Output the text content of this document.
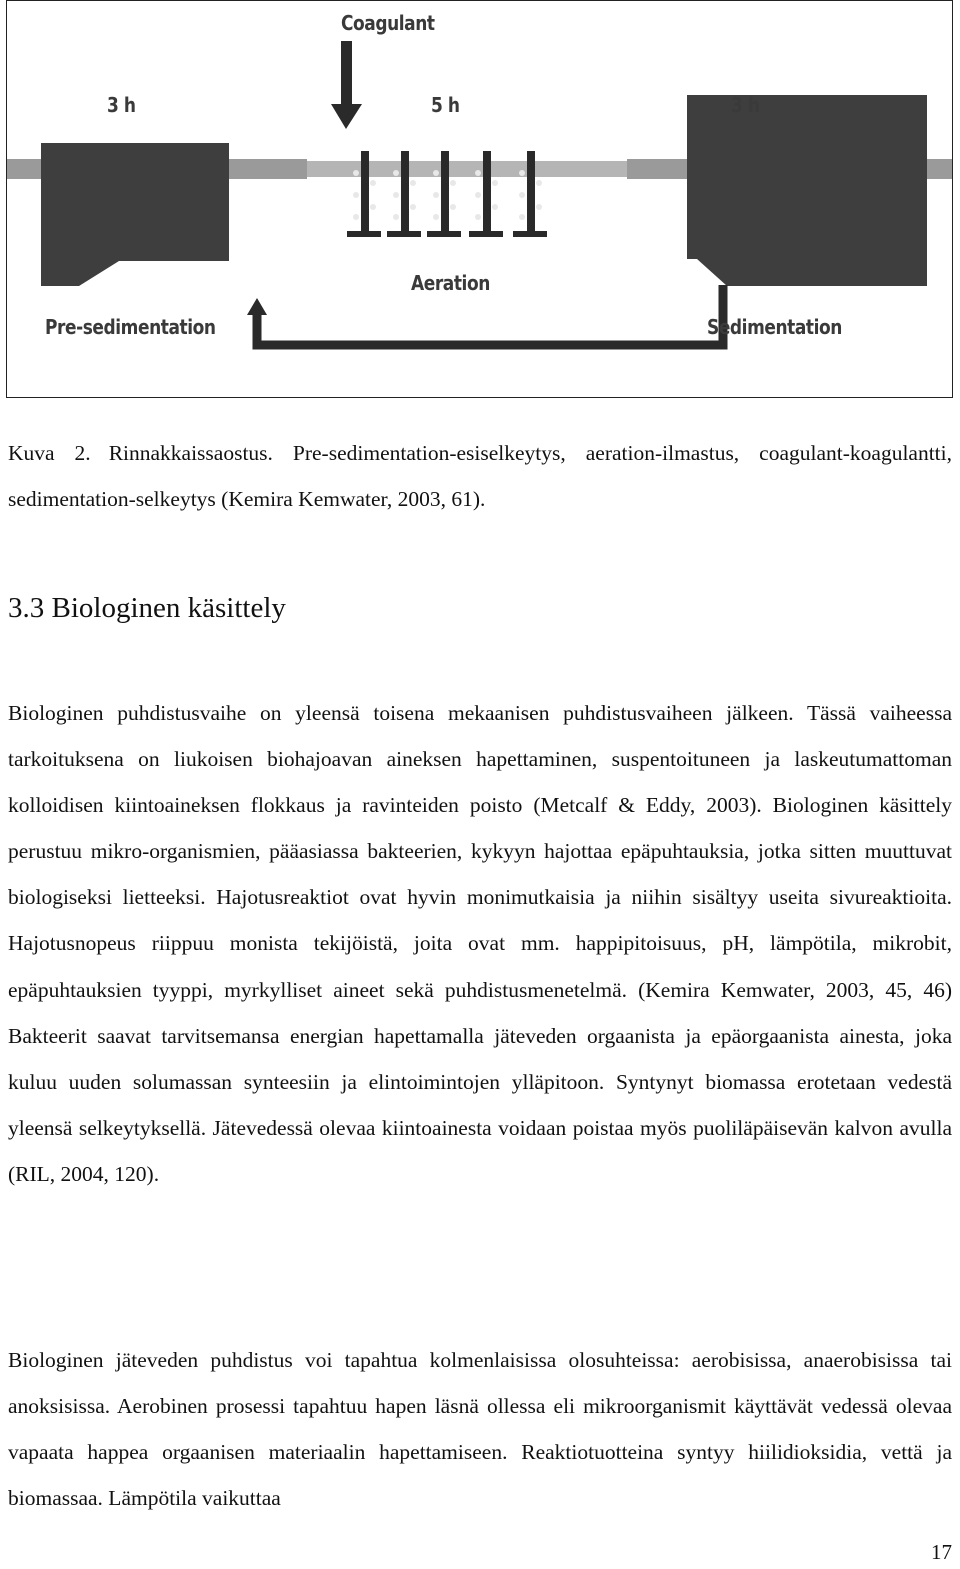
Coagulant
3 h	5 h	3 h
Aeration
Pre-sedimentation	Sedimentation

Kuva 2. Rinnakkaissaostus. Pre-sedimentation-esiselkeytys, aeration-ilmastus, coagulant-koagulantti, sedimentation-selkeytys (Kemira Kemwater, 2003, 61).

3.3 Biologinen käsittely

Biologinen puhdistusvaihe on yleensä toisena mekaanisen puhdistusvaiheen jälkeen. Tässä vaiheessa tarkoituksena on liukoisen biohajoavan aineksen hapettaminen, suspentoituneen ja laskeutumattoman kolloidisen kiintoaineksen flokkaus ja ravinteiden poisto (Metcalf & Eddy, 2003). Biologinen käsittely perustuu mikro-organismien, pääasiassa bakteerien, kykyyn hajottaa epäpuhtauksia, jotka sitten muuttuvat biologiseksi lietteeksi. Hajotusreaktiot ovat hyvin monimutkaisia ja niihin sisältyy useita sivureaktioita. Hajotusnopeus riippuu monista tekijöistä, joita ovat mm. happipitoisuus, pH, lämpötila, mikrobit, epäpuhtauksien tyyppi, myrkylliset aineet sekä puhdistusmenetelmä. (Kemira Kemwater, 2003, 45, 46) Bakteerit saavat tarvitsemansa energian hapettamalla jäteveden orgaanista ja epäorgaanista ainesta, joka kuluu uuden solumassan synteesiin ja elintoimintojen ylläpitoon. Syntynyt biomassa erotetaan vedestä yleensä selkeytyksellä. Jätevedessä olevaa kiintoainesta voidaan poistaa myös puoliläpäisevän kalvon avulla (RIL, 2004, 120).

Biologinen jäteveden puhdistus voi tapahtua kolmenlaisissa olosuhteissa: aerobisissa, anaerobisissa tai anoksisissa. Aerobinen prosessi tapahtuu hapen läsnä ollessa eli mikroorganismit käyttävät vedessä olevaa vapaata happea orgaanisen materiaalin hapettamiseen. Reaktiotuotteina syntyy hiilidioksidia, vettä ja biomassaa. Lämpötila vaikuttaa

17
